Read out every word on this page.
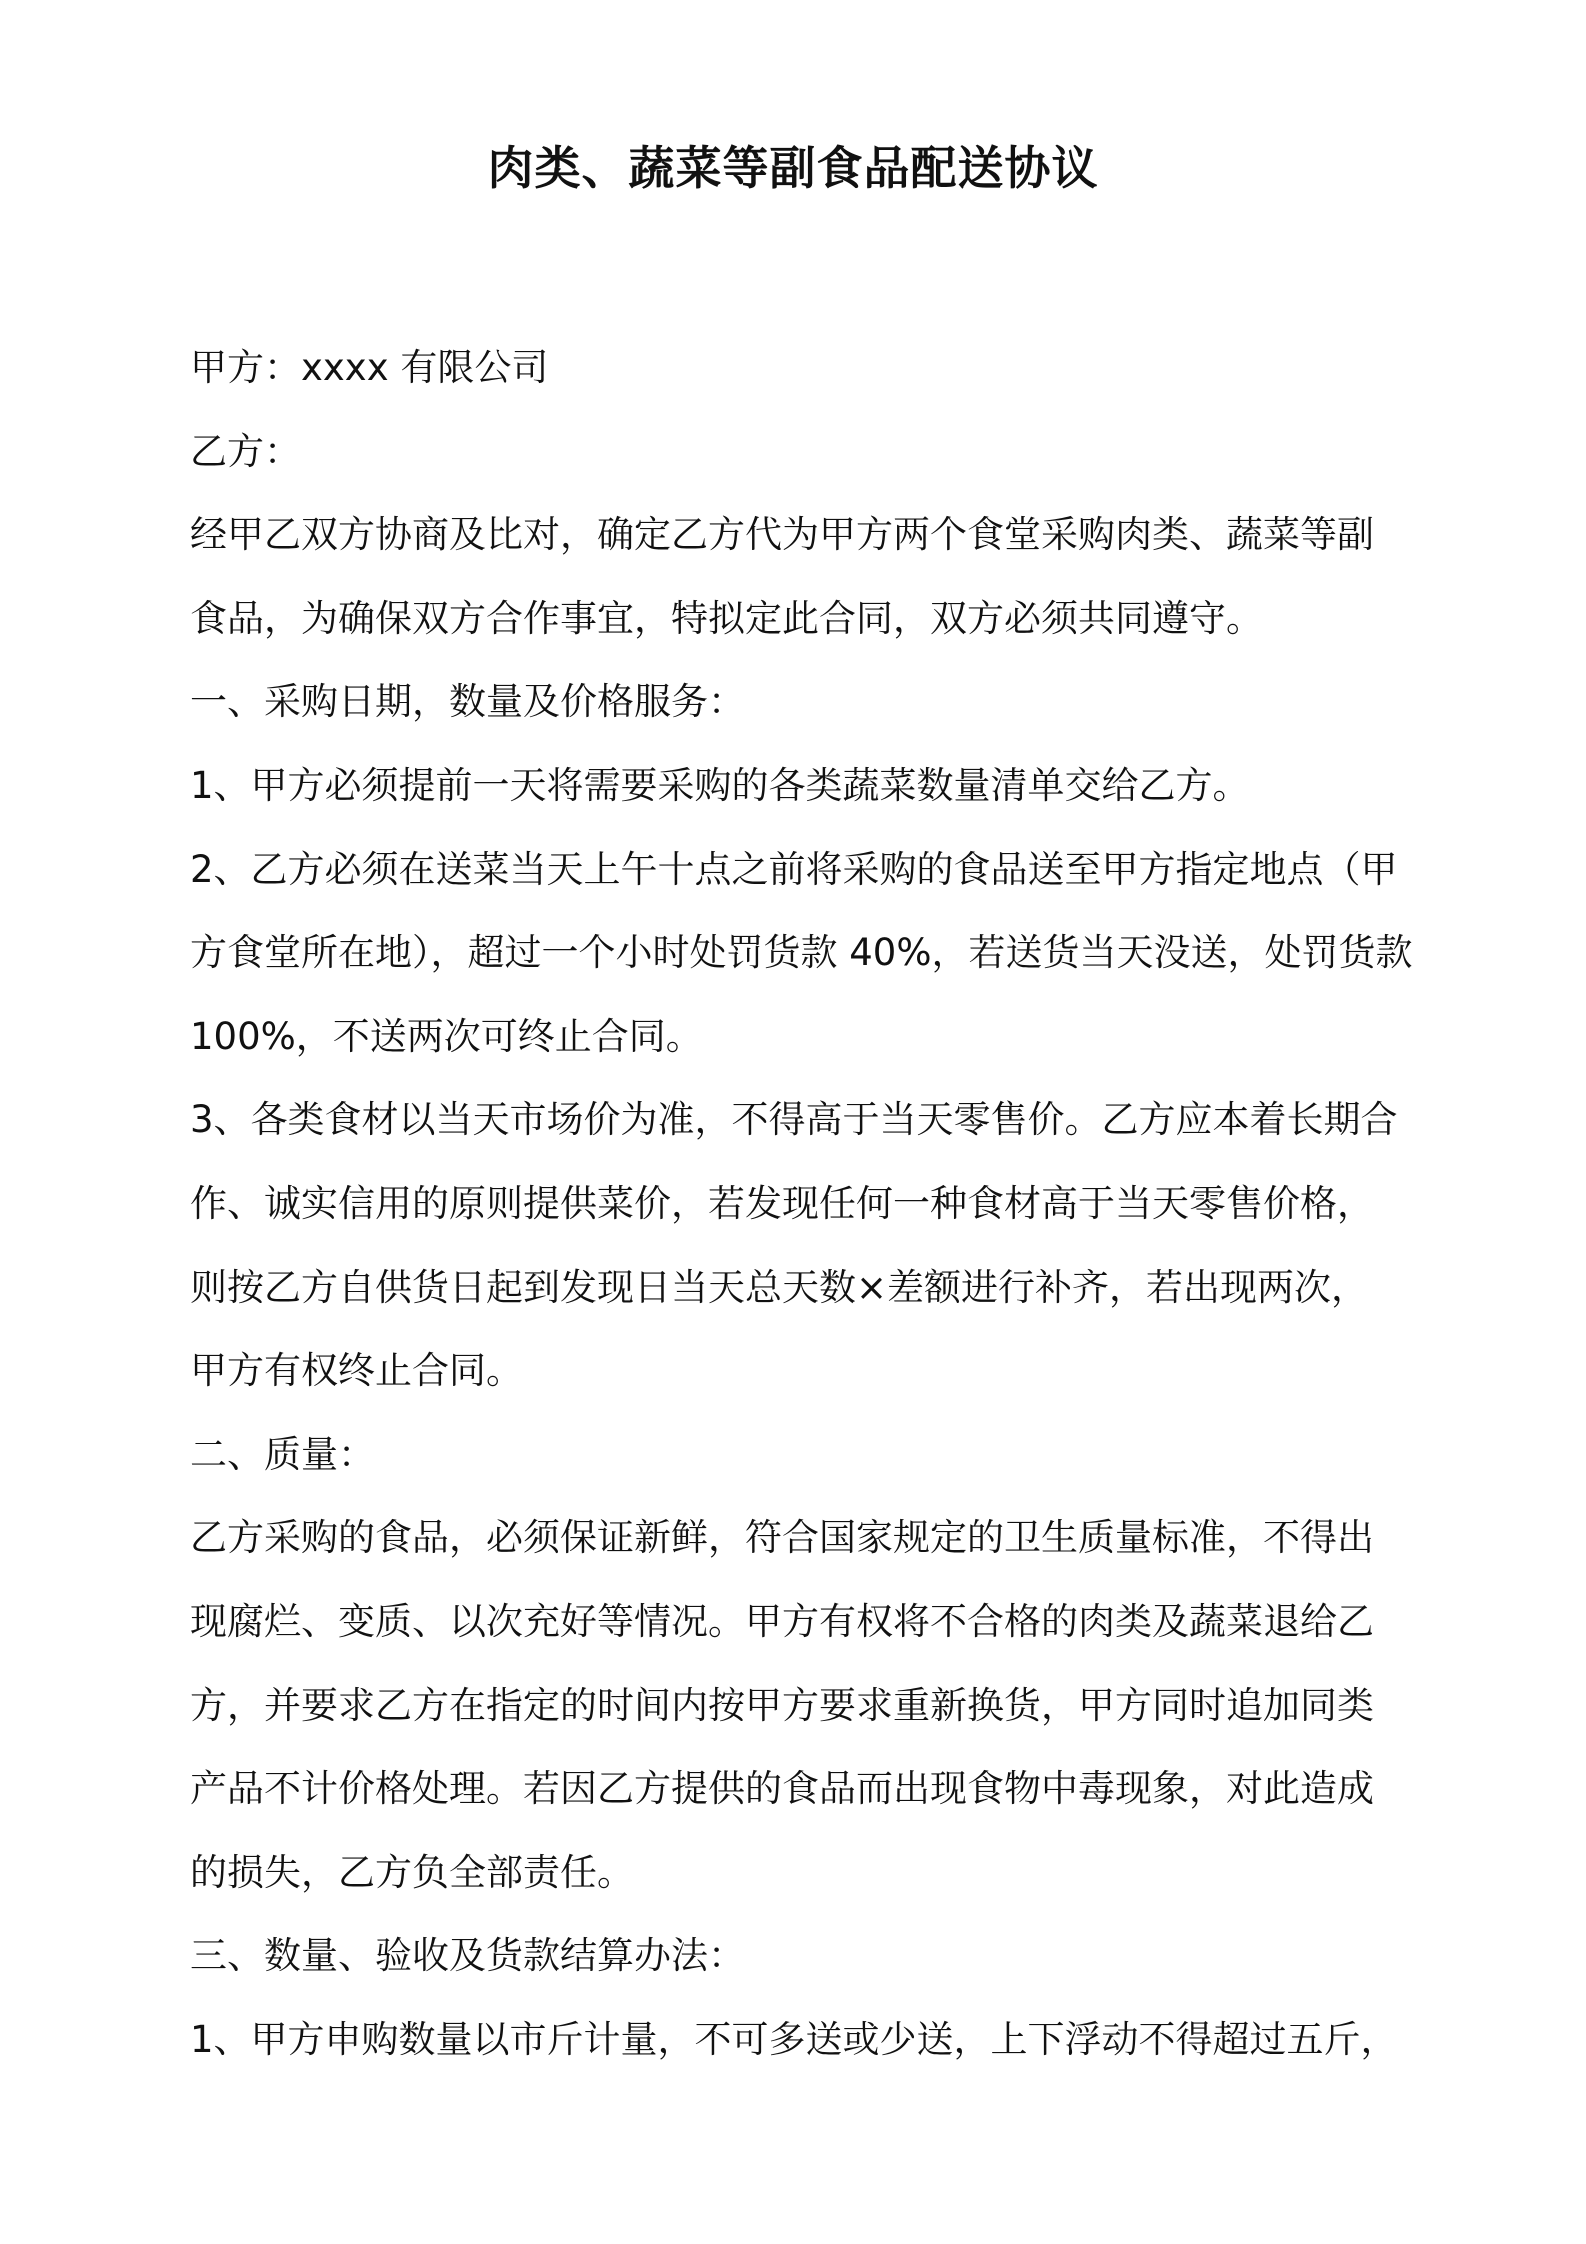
肉类、蔬菜等副食品配送协议

甲方：xxxx 有限公司

乙方：

经甲乙双方协商及比对，确定乙方代为甲方两个食堂采购肉类、蔬菜等副

食品，为确保双方合作事宜，特拟定此合同，双方必须共同遵守。

一、采购日期，数量及价格服务：

1、甲方必须提前一天将需要采购的各类蔬菜数量清单交给乙方。

2、乙方必须在送菜当天上午十点之前将采购的食品送至甲方指定地点（甲

方食堂所在地），超过一个小时处罚货款 40%，若送货当天没送，处罚货款

100%，不送两次可终止合同。

3、各类食材以当天市场价为准，不得高于当天零售价。乙方应本着长期合

作、诚实信用的原则提供菜价，若发现任何一种食材高于当天零售价格，

则按乙方自供货日起到发现日当天总天数×差额进行补齐，若出现两次，

甲方有权终止合同。

二、质量：

乙方采购的食品，必须保证新鲜，符合国家规定的卫生质量标准，不得出

现腐烂、变质、以次充好等情况。甲方有权将不合格的肉类及蔬菜退给乙

方，并要求乙方在指定的时间内按甲方要求重新换货，甲方同时追加同类

产品不计价格处理。若因乙方提供的食品而出现食物中毒现象，对此造成

的损失，乙方负全部责任。

三、数量、验收及货款结算办法：

1、甲方申购数量以市斤计量，不可多送或少送，上下浮动不得超过五斤，
